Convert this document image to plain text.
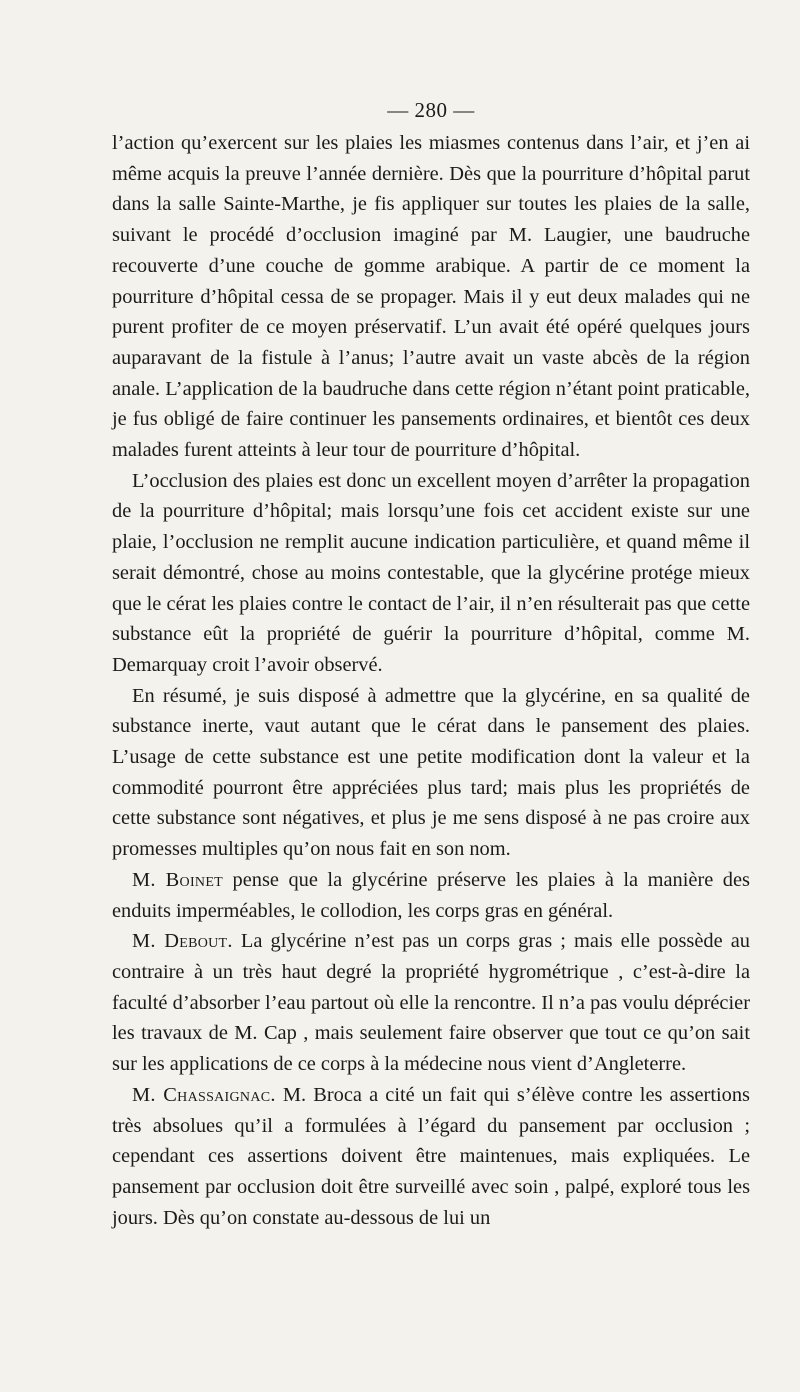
— 280 —

l’action qu’exercent sur les plaies les miasmes contenus dans l’air, et j’en ai même acquis la preuve l’année dernière. Dès que la pourriture d’hôpital parut dans la salle Sainte-Marthe, je fis appliquer sur toutes les plaies de la salle, suivant le procédé d’occlusion imaginé par M. Laugier, une baudruche recouverte d’une couche de gomme arabique. A partir de ce moment la pourriture d’hôpital cessa de se propager. Mais il y eut deux malades qui ne purent profiter de ce moyen préservatif. L’un avait été opéré quelques jours auparavant de la fistule à l’anus; l’autre avait un vaste abcès de la région anale. L’application de la baudruche dans cette région n’étant point praticable, je fus obligé de faire continuer les pansements ordinaires, et bientôt ces deux malades furent atteints à leur tour de pourriture d’hôpital.

L’occlusion des plaies est donc un excellent moyen d’arrêter la propagation de la pourriture d’hôpital; mais lorsqu’une fois cet accident existe sur une plaie, l’occlusion ne remplit aucune indication particulière, et quand même il serait démontré, chose au moins contestable, que la glycérine protége mieux que le cérat les plaies contre le contact de l’air, il n’en résulterait pas que cette substance eût la propriété de guérir la pourriture d’hôpital, comme M. Demarquay croit l’avoir observé.

En résumé, je suis disposé à admettre que la glycérine, en sa qualité de substance inerte, vaut autant que le cérat dans le pansement des plaies. L’usage de cette substance est une petite modification dont la valeur et la commodité pourront être appréciées plus tard; mais plus les propriétés de cette substance sont négatives, et plus je me sens disposé à ne pas croire aux promesses multiples qu’on nous fait en son nom.

M. Boinet pense que la glycérine préserve les plaies à la manière des enduits imperméables, le collodion, les corps gras en général.

M. Debout. La glycérine n’est pas un corps gras ; mais elle possède au contraire à un très haut degré la propriété hygrométrique , c’est-à-dire la faculté d’absorber l’eau partout où elle la rencontre. Il n’a pas voulu déprécier les travaux de M. Cap , mais seulement faire observer que tout ce qu’on sait sur les applications de ce corps à la médecine nous vient d’Angleterre.

M. Chassaignac. M. Broca a cité un fait qui s’élève contre les assertions très absolues qu’il a formulées à l’égard du pansement par occlusion ; cependant ces assertions doivent être maintenues, mais expliquées. Le pansement par occlusion doit être surveillé avec soin , palpé, exploré tous les jours. Dès qu’on constate au-dessous de lui un
